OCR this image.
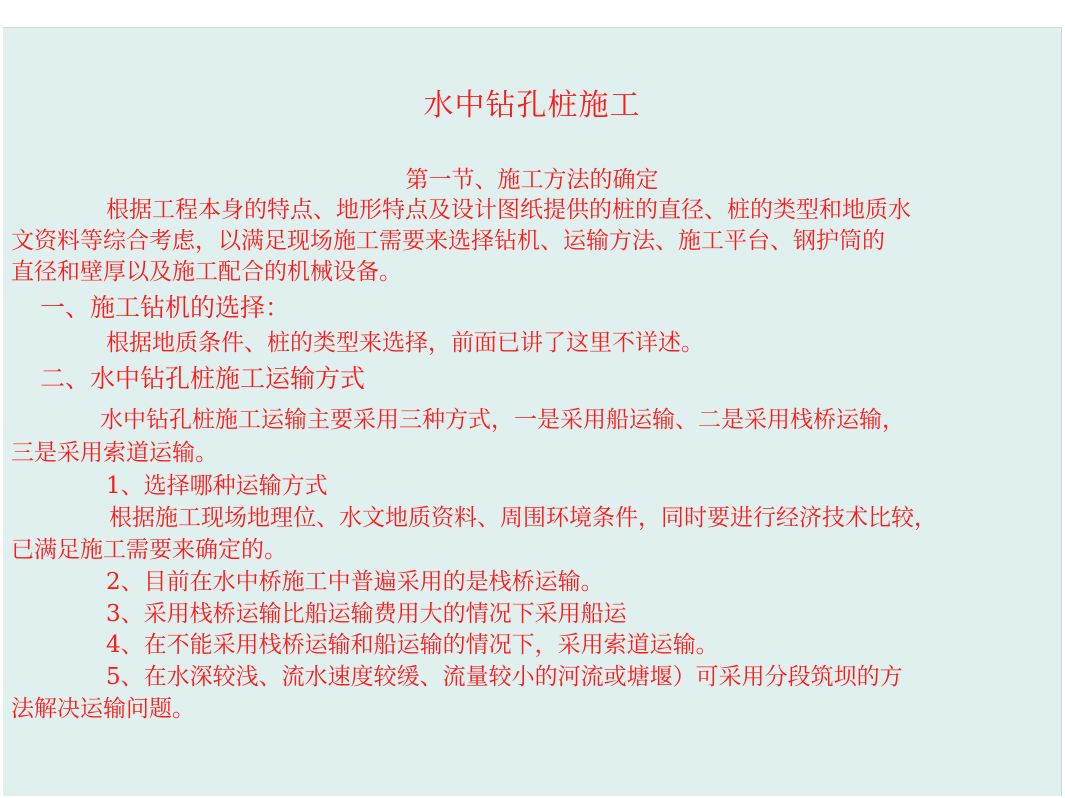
水中钻孔桩施工
第一节、施工方法的确定
根据工程本身的特点、地形特点及设计图纸提供的桩的直径、桩的类型和地质水
文资料等综合考虑，以满足现场施工需要来选择钻机、运输方法、施工平台、钢护筒的
直径和壁厚以及施工配合的机械设备。
一、施工钻机的选择：
根据地质条件、桩的类型来选择，前面已讲了这里不详述。
二、水中钻孔桩施工运输方式
水中钻孔桩施工运输主要采用三种方式，一是采用船运输、二是采用栈桥运输，
三是采用索道运输。
1、选择哪种运输方式
根据施工现场地理位、水文地质资料、周围环境条件，同时要进行经济技术比较，
已满足施工需要来确定的。
2、目前在水中桥施工中普遍采用的是栈桥运输。
3、采用栈桥运输比船运输费用大的情况下采用船运
4、在不能采用栈桥运输和船运输的情况下，采用索道运输。
5、在水深较浅、流水速度较缓、流量较小的河流或塘堰）可采用分段筑坝的方
法解决运输问题。
